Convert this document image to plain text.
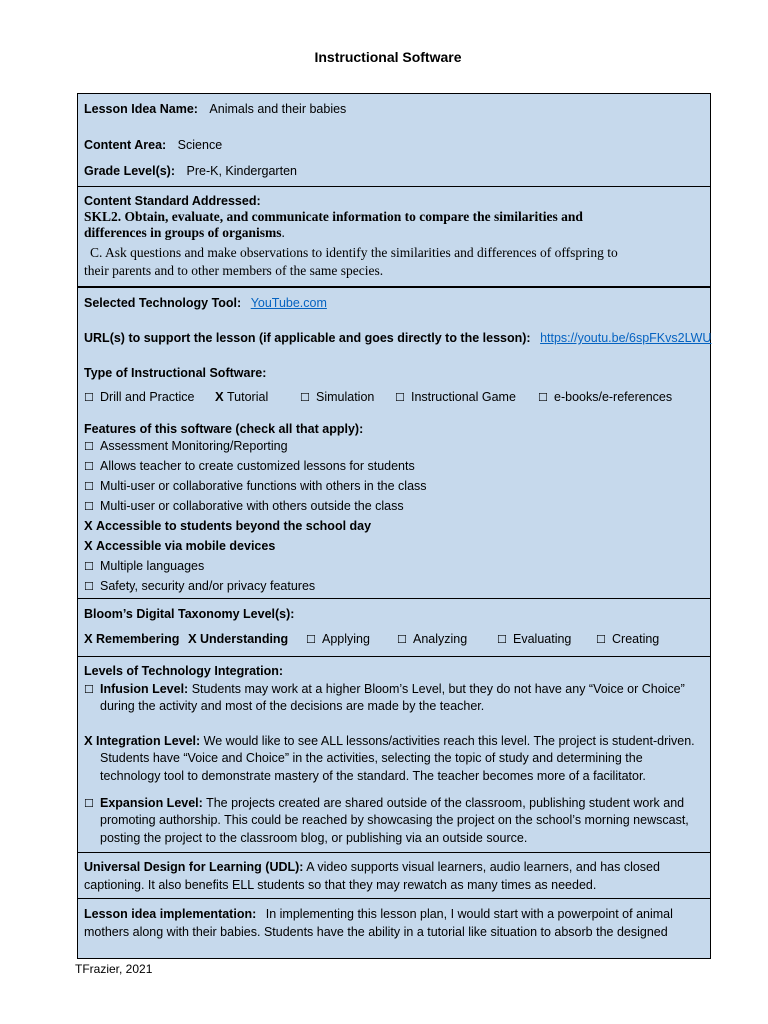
Instructional Software
Lesson Idea Name: Animals and their babies
Content Area: Science
Grade Level(s): Pre-K, Kindergarten
Content Standard Addressed:
SKL2. Obtain, evaluate, and communicate information to compare the similarities and
differences in groups of organisms.
C. Ask questions and make observations to identify the similarities and differences of offspring to
their parents and to other members of the same species.
Selected Technology Tool: YouTube.com
URL(s) to support the lesson (if applicable and goes directly to the lesson): https://youtu.be/6spFKvs2LWU
Type of Instructional Software:
☐ Drill and Practice X Tutorial	☐ Simulation ☐ Instructional Game ☐ e-books/e-references
Features of this software (check all that apply):
☐ Assessment Monitoring/Reporting
☐ Allows teacher to create customized lessons for students
☐ Multi-user or collaborative functions with others in the class
☐ Multi-user or collaborative with others outside the class
X Accessible to students beyond the school day
X Accessible via mobile devices
☐ Multiple languages
☐ Safety, security and/or privacy features
Bloom’s Digital Taxonomy Level(s):
X Remembering X Understanding ☐ Applying ☐ Analyzing	☐ Evaluating ☐ Creating
Levels of Technology Integration:
☐ Infusion Level: Students may work at a higher Bloom’s Level, but they do not have any “Voice or Choice”
during the activity and most of the decisions are made by the teacher.
X Integration Level: We would like to see ALL lessons/activities reach this level. The project is student-driven.
Students have “Voice and Choice” in the activities, selecting the topic of study and determining the
technology tool to demonstrate mastery of the standard. The teacher becomes more of a facilitator.
☐ Expansion Level: The projects created are shared outside of the classroom, publishing student work and
promoting authorship. This could be reached by showcasing the project on the school’s morning newscast,
posting the project to the classroom blog, or publishing via an outside source.
Universal Design for Learning (UDL): A video supports visual learners, audio learners, and has closed
captioning. It also benefits ELL students so that they may rewatch as many times as needed.
Lesson idea implementation: In implementing this lesson plan, I would start with a powerpoint of animal
mothers along with their babies. Students have the ability in a tutorial like situation to absorb the designed
TFrazier, 2021
